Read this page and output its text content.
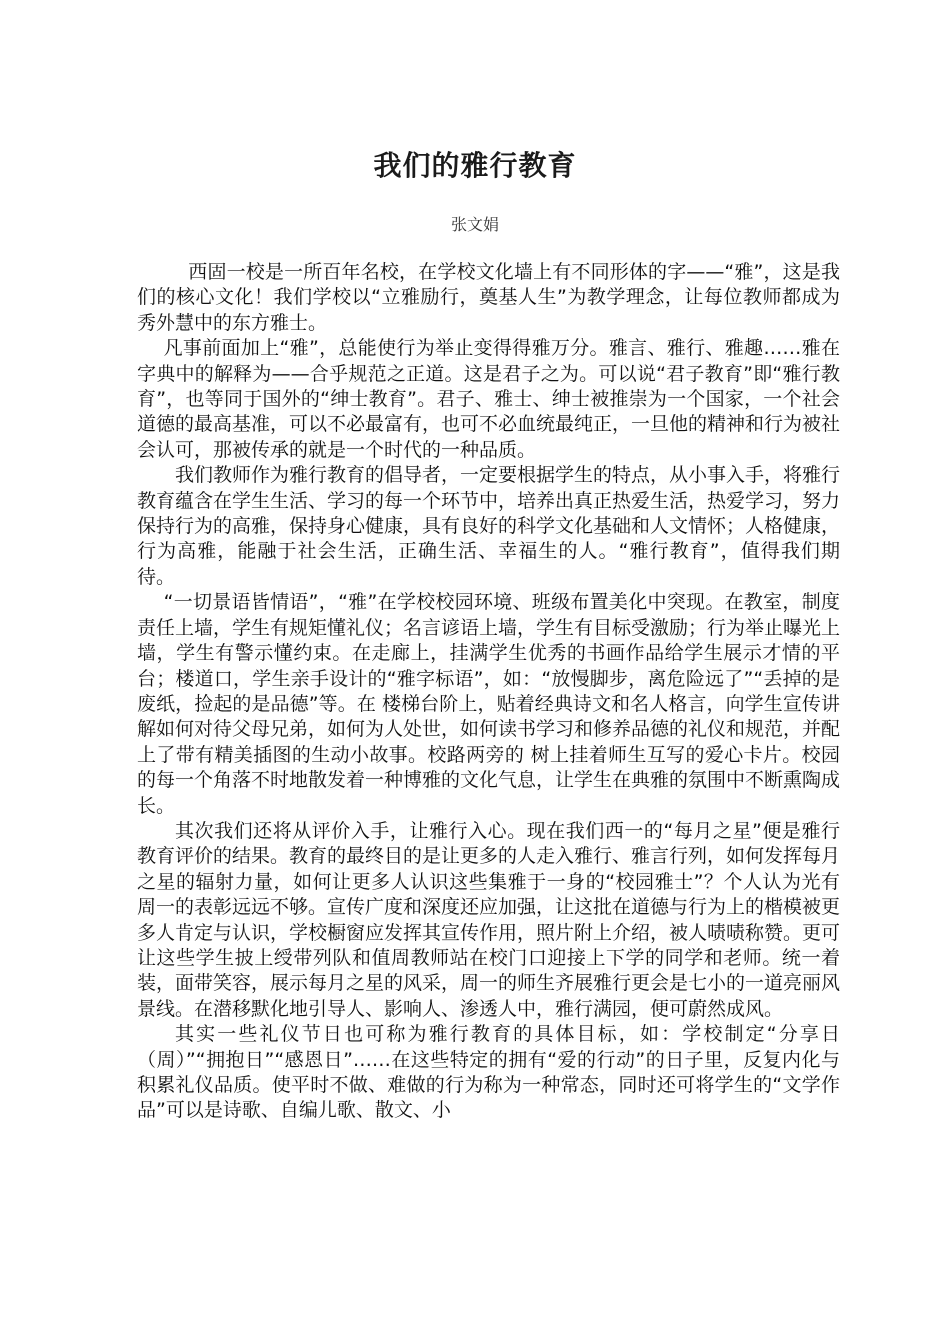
我们的雅行教育
张文娟

西固一校是一所百年名校，在学校文化墙上有不同形体的字——“雅”，这是我们的核心文化！我们学校以“立雅励行，奠基人生”为教学理念，让每位教师都成为秀外慧中的东方雅士。

凡事前面加上“雅”，总能使行为举止变得得雅万分。雅言、雅行、雅趣……雅在字典中的解释为——合乎规范之正道。这是君子之为。可以说“君子教育”即“雅行教育”，也等同于国外的“绅士教育”。君子、雅士、绅士被推崇为一个国家，一个社会道德的最高基准，可以不必最富有，也可不必血统最纯正，一旦他的精神和行为被社会认可，那被传承的就是一个时代的一种品质。

我们教师作为雅行教育的倡导者，一定要根据学生的特点，从小事入手，将雅行教育蕴含在学生生活、学习的每一个环节中，培养出真正热爱生活，热爱学习，努力保持行为的高雅，保持身心健康，具有良好的科学文化基础和人文情怀；人格健康，行为高雅，能融于社会生活，正确生活、幸福生的人。“雅行教育”，值得我们期待。

“一切景语皆情语”，“雅”在学校校园环境、班级布置美化中突现。在教室，制度责任上墙，学生有规矩懂礼仪；名言谚语上墙，学生有目标受激励；行为举止曝光上墙，学生有警示懂约束。在走廊上，挂满学生优秀的书画作品给学生展示才情的平台；楼道口，学生亲手设计的“雅字标语”，如：“放慢脚步，离危险远了”“丢掉的是废纸，捡起的是品德”等。在 楼梯台阶上，贴着经典诗文和名人格言，向学生宣传讲解如何对待父母兄弟，如何为人处世，如何读书学习和修养品德的礼仪和规范，并配上了带有精美插图的生动小故事。校路两旁的 树上挂着师生互写的爱心卡片。校园的每一个角落不时地散发着一种博雅的文化气息，让学生在典雅的氛围中不断熏陶成长。

其次我们还将从评价入手，让雅行入心。现在我们西一的“每月之星”便是雅行教育评价的结果。教育的最终目的是让更多的人走入雅行、雅言行列，如何发挥每月之星的辐射力量，如何让更多人认识这些集雅于一身的“校园雅士”？个人认为光有周一的表彰远远不够。宣传广度和深度还应加强，让这批在道德与行为上的楷模被更多人肯定与认识，学校橱窗应发挥其宣传作用，照片附上介绍，被人啧啧称赞。更可让这些学生披上绶带列队和值周教师站在校门口迎接上下学的同学和老师。统一着装，面带笑容，展示每月之星的风采，周一的师生齐展雅行更会是七小的一道亮丽风景线。在潜移默化地引导人、影响人、渗透人中，雅行满园，便可蔚然成风。

其实一些礼仪节日也可称为雅行教育的具体目标，如：学校制定“分享日（周）”“拥抱日”“感恩日”……在这些特定的拥有“爱的行动”的日子里，反复内化与积累礼仪品质。使平时不做、难做的行为称为一种常态，同时还可将学生的“文学作品”可以是诗歌、自编儿歌、散文、小
